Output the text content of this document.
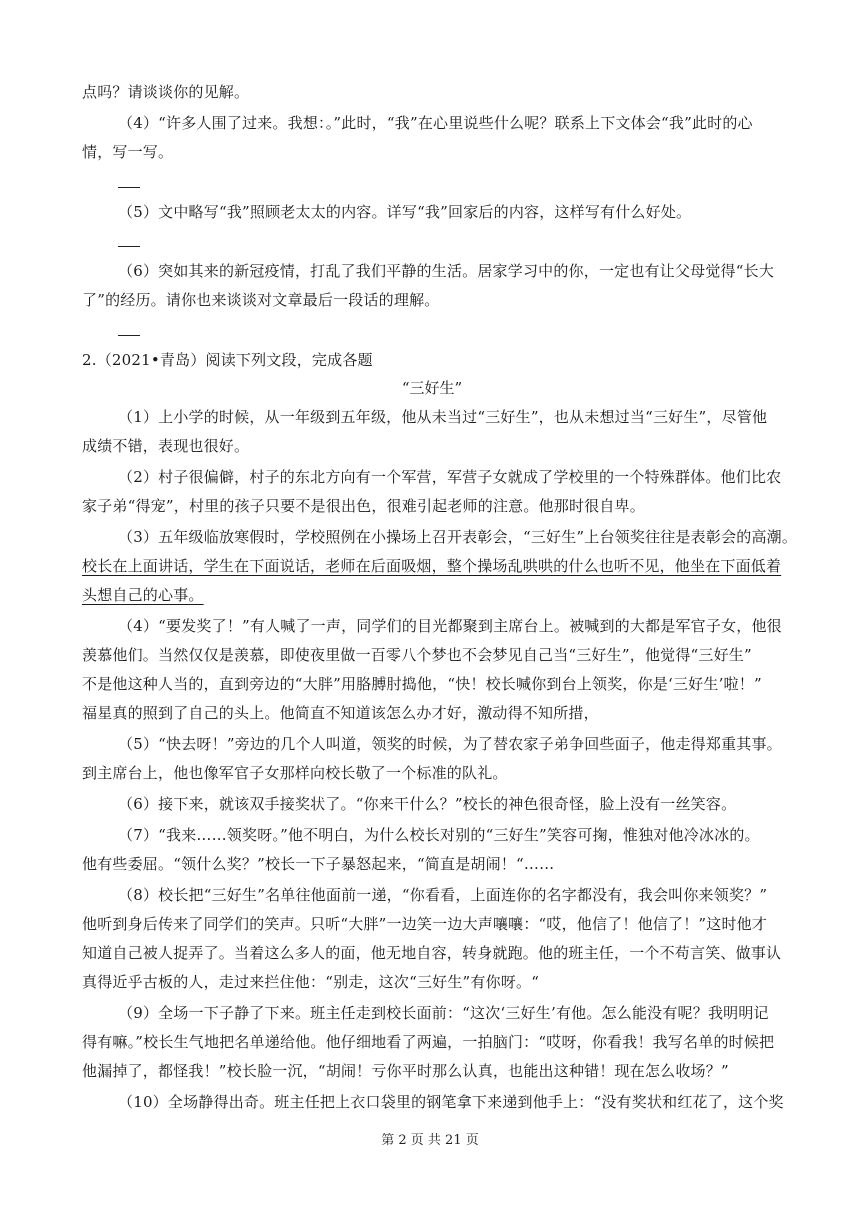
点吗？请谈谈你的见解。
（4）“许多人围了过来。我想：。”此时，“我”在心里说些什么呢？联系上下文体会“我”此时的心
情，写一写。
（5）文中略写“我”照顾老太太的内容。详写“我”回家后的内容，这样写有什么好处。
（6）突如其来的新冠疫情，打乱了我们平静的生活。居家学习中的你，一定也有让父母觉得“长大
了”的经历。请你也来谈谈对文章最后一段话的理解。
2.（2021•青岛）阅读下列文段，完成各题
“三好生”
（1）上小学的时候，从一年级到五年级，他从未当过“三好生”，也从未想过当“三好生”，尽管他
成绩不错，表现也很好。
（2）村子很偏僻，村子的东北方向有一个军营，军营子女就成了学校里的一个特殊群体。他们比农
家子弟“得宠”，村里的孩子只要不是很出色，很难引起老师的注意。他那时很自卑。
（3）五年级临放寒假时，学校照例在小操场上召开表彰会，“三好生”上台领奖往往是表彰会的高潮。
校长在上面讲话，学生在下面说话，老师在后面吸烟，整个操场乱哄哄的什么也听不见，他坐在下面低着
头想自己的心事。
（4）“要发奖了！”有人喊了一声，同学们的目光都聚到主席台上。被喊到的大都是军官子女，他很
羡慕他们。当然仅仅是羡慕，即使夜里做一百零八个梦也不会梦见自己当“三好生”，他觉得“三好生”
不是他这种人当的，直到旁边的“大胖”用胳膊肘捣他，“快！校长喊你到台上领奖，你是‘三好生’啦！”
福星真的照到了自己的头上。他简直不知道该怎么办才好，激动得不知所措，
（5）“快去呀！”旁边的几个人叫道，领奖的时候，为了替农家子弟争回些面子，他走得郑重其事。
到主席台上，他也像军官子女那样向校长敬了一个标准的队礼。
（6）接下来，就该双手接奖状了。“你来干什么？”校长的神色很奇怪，脸上没有一丝笑容。
（7）“我来……领奖呀。”他不明白，为什么校长对别的“三好生”笑容可掬，惟独对他冷冰冰的。
他有些委屈。“领什么奖？”校长一下子暴怒起来，“简直是胡闹！“……
（8）校长把“三好生”名单往他面前一递，“你看看，上面连你的名字都没有，我会叫你来领奖？”
他听到身后传来了同学们的笑声。只听“大胖”一边笑一边大声嚷嚷：“哎，他信了！他信了！”这时他才
知道自己被人捉弄了。当着这么多人的面，他无地自容，转身就跑。他的班主任，一个不苟言笑、做事认
真得近乎古板的人，走过来拦住他：“别走，这次“三好生”有你呀。“
（9）全场一下子静了下来。班主任走到校长面前：“这次‘三好生’有他。怎么能没有呢？我明明记
得有嘛。”校长生气地把名单递给他。他仔细地看了两遍，一拍脑门：“哎呀，你看我！我写名单的时候把
他漏掉了，都怪我！”校长脸一沉，“胡闹！亏你平时那么认真，也能出这种错！现在怎么收场？”
（10）全场静得出奇。班主任把上衣口袋里的钢笔拿下来递到他手上：“没有奖状和红花了，这个奖
第 2 页 共 21 页
